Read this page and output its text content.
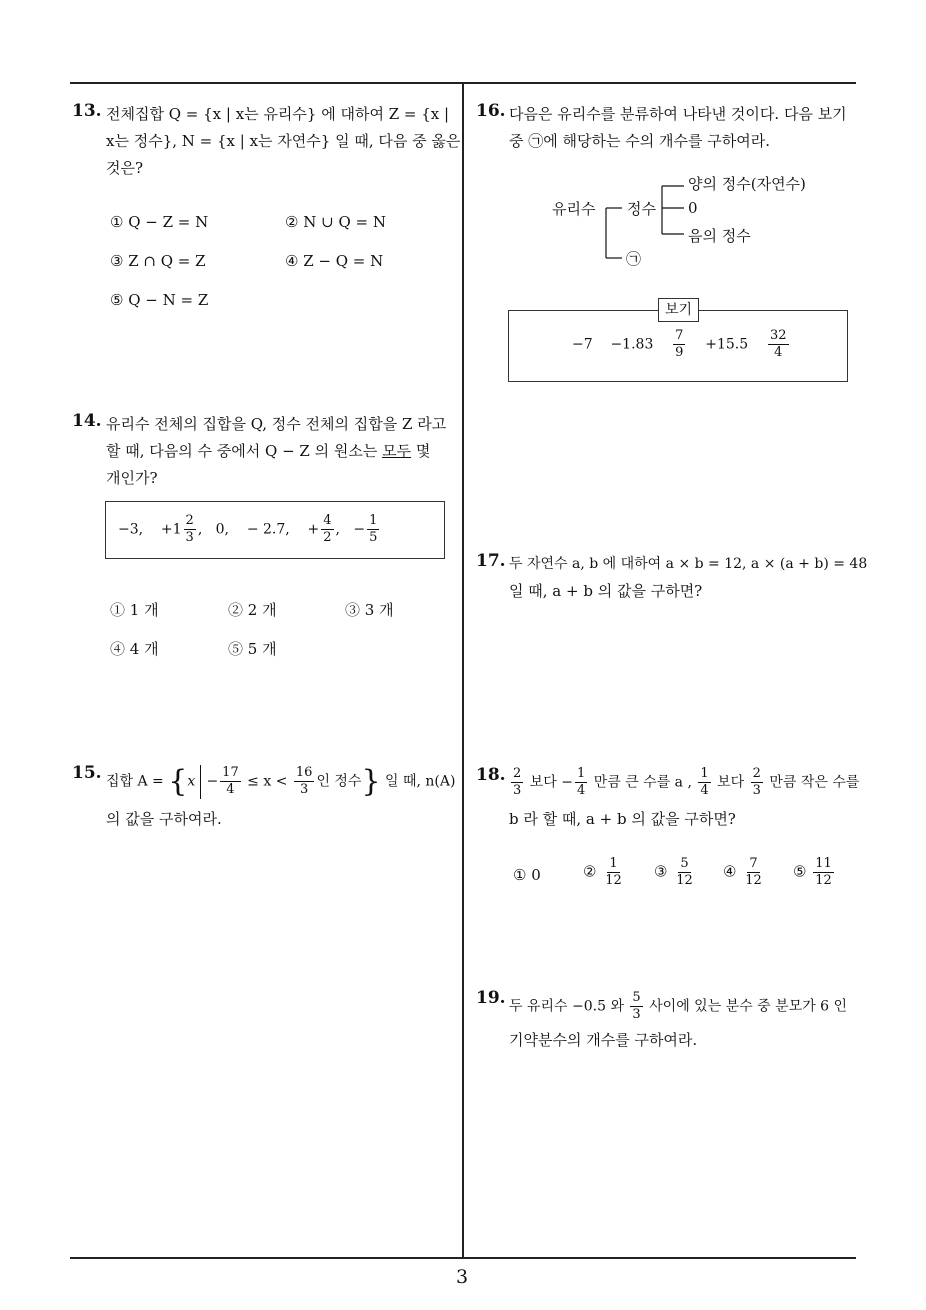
3
13. 전체집합 Q = {x | x는 유리수} 에 대하여 Z = {x |
x는 정수}, N = {x | x는 자연수} 일 때, 다음 중 옳은
것은?
① Q − Z = N	② N ∪ Q = N
③ Z ∩ Q = Z	④ Z − Q = N
⑤ Q − N = Z
14. 유리수 전체의 집합을 Q, 정수 전체의 집합을 Z 라고
할 때, 다음의 수 중에서 Q − Z 의 원소는 모두 몇
개인가?
−3, $+1 \frac{2}{3}$ , 0, − 2.7, + $\frac{4}{2}$ , − $\frac{1}{5}$
① 1 개	② 2 개	③ 3 개
④ 4 개	⑤ 5 개
15. 집합 $A = \{x - \frac{17}{4} \le x < \frac{16}{3}$ 인 정수} 일 때, n(A)
의 값을 구하여라.
16. 다음은 유리수를 분류하여 나타낸 것이다. 다음 보기
중 ㉠에 해당하는 수의 개수를 구하여라.
유리수 정수
양의 정수(자연수)
0
음의 정수
㉠
보기
$-7 -1.83 \frac{7}{9} +15.5 \frac{32}{4}$
17. 두 자연수 a, b 에 대하여 a × b = 12, a × (a + b) = 48
일 때, a + b 의 값을 구하면?
18. $\frac{2}{3}$ 보다 − $\frac{1}{4}$ 만큼 큰 수를 a , $\frac{1}{4}$ 보다 $\frac{2}{3}$ 만큼 작은 수를
b 라 할 때, a + b 의 값을 구하면?
① 0	② $\frac{1}{12}$ ③ $\frac{5}{12}$ ④ $\frac{7}{12}$ ⑤ $\frac{11}{12}$
19. 두 유리수 −0.5 와 $\frac{5}{3}$ 사이에 있는 분수 중 분모가 6 인
기약분수의 개수를 구하여라.
